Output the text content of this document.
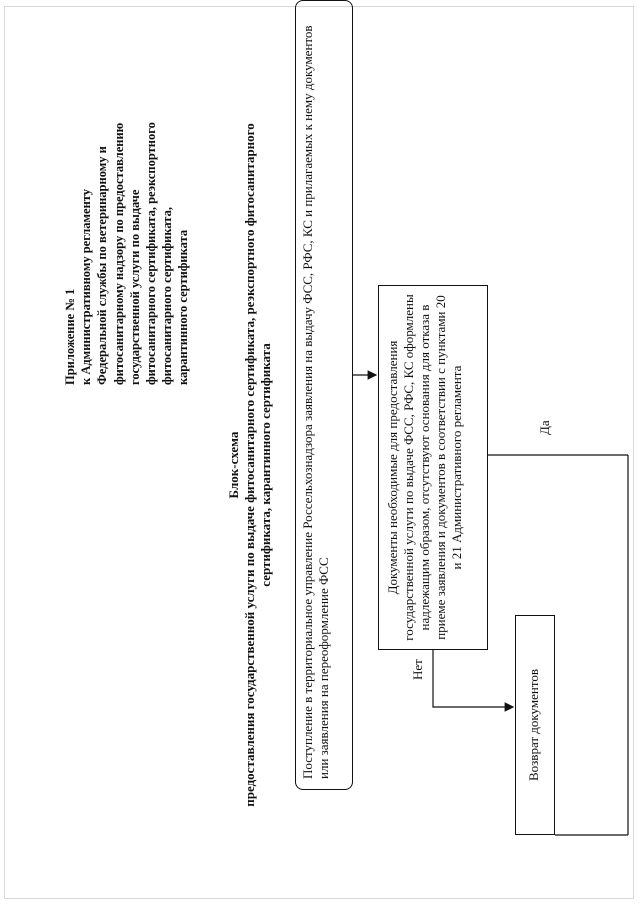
Приложение № 1 к Административному регламенту Федеральной службы по ветеринарному и фитосанитарному надзору по предоставлению государственной услуги по выдаче фитосанитарного сертификата, реэкспортного фитосанитарного сертификата, карантинного сертификата
Блок-схема предоставления государственной услуги по выдаче фитосанитарного сертификата, реэкспортного фитосанитарного сертификата, карантинного сертификата	Поступление в территориальное управление Россельхознадзора заявления на выдачу ФСС, РФС, КС и прилагаемых к нему документов или заявления на переоформление ФСС
Документы необходимые для предоставления государственной услуги по выдаче ФСС, РФС, КС оформлены надлежащим образом, отсутствуют основания для отказа в приеме заявления и документов в соответствии с пунктами 20 и 21 Административного регламента
Нет
Да
Возврат документов
